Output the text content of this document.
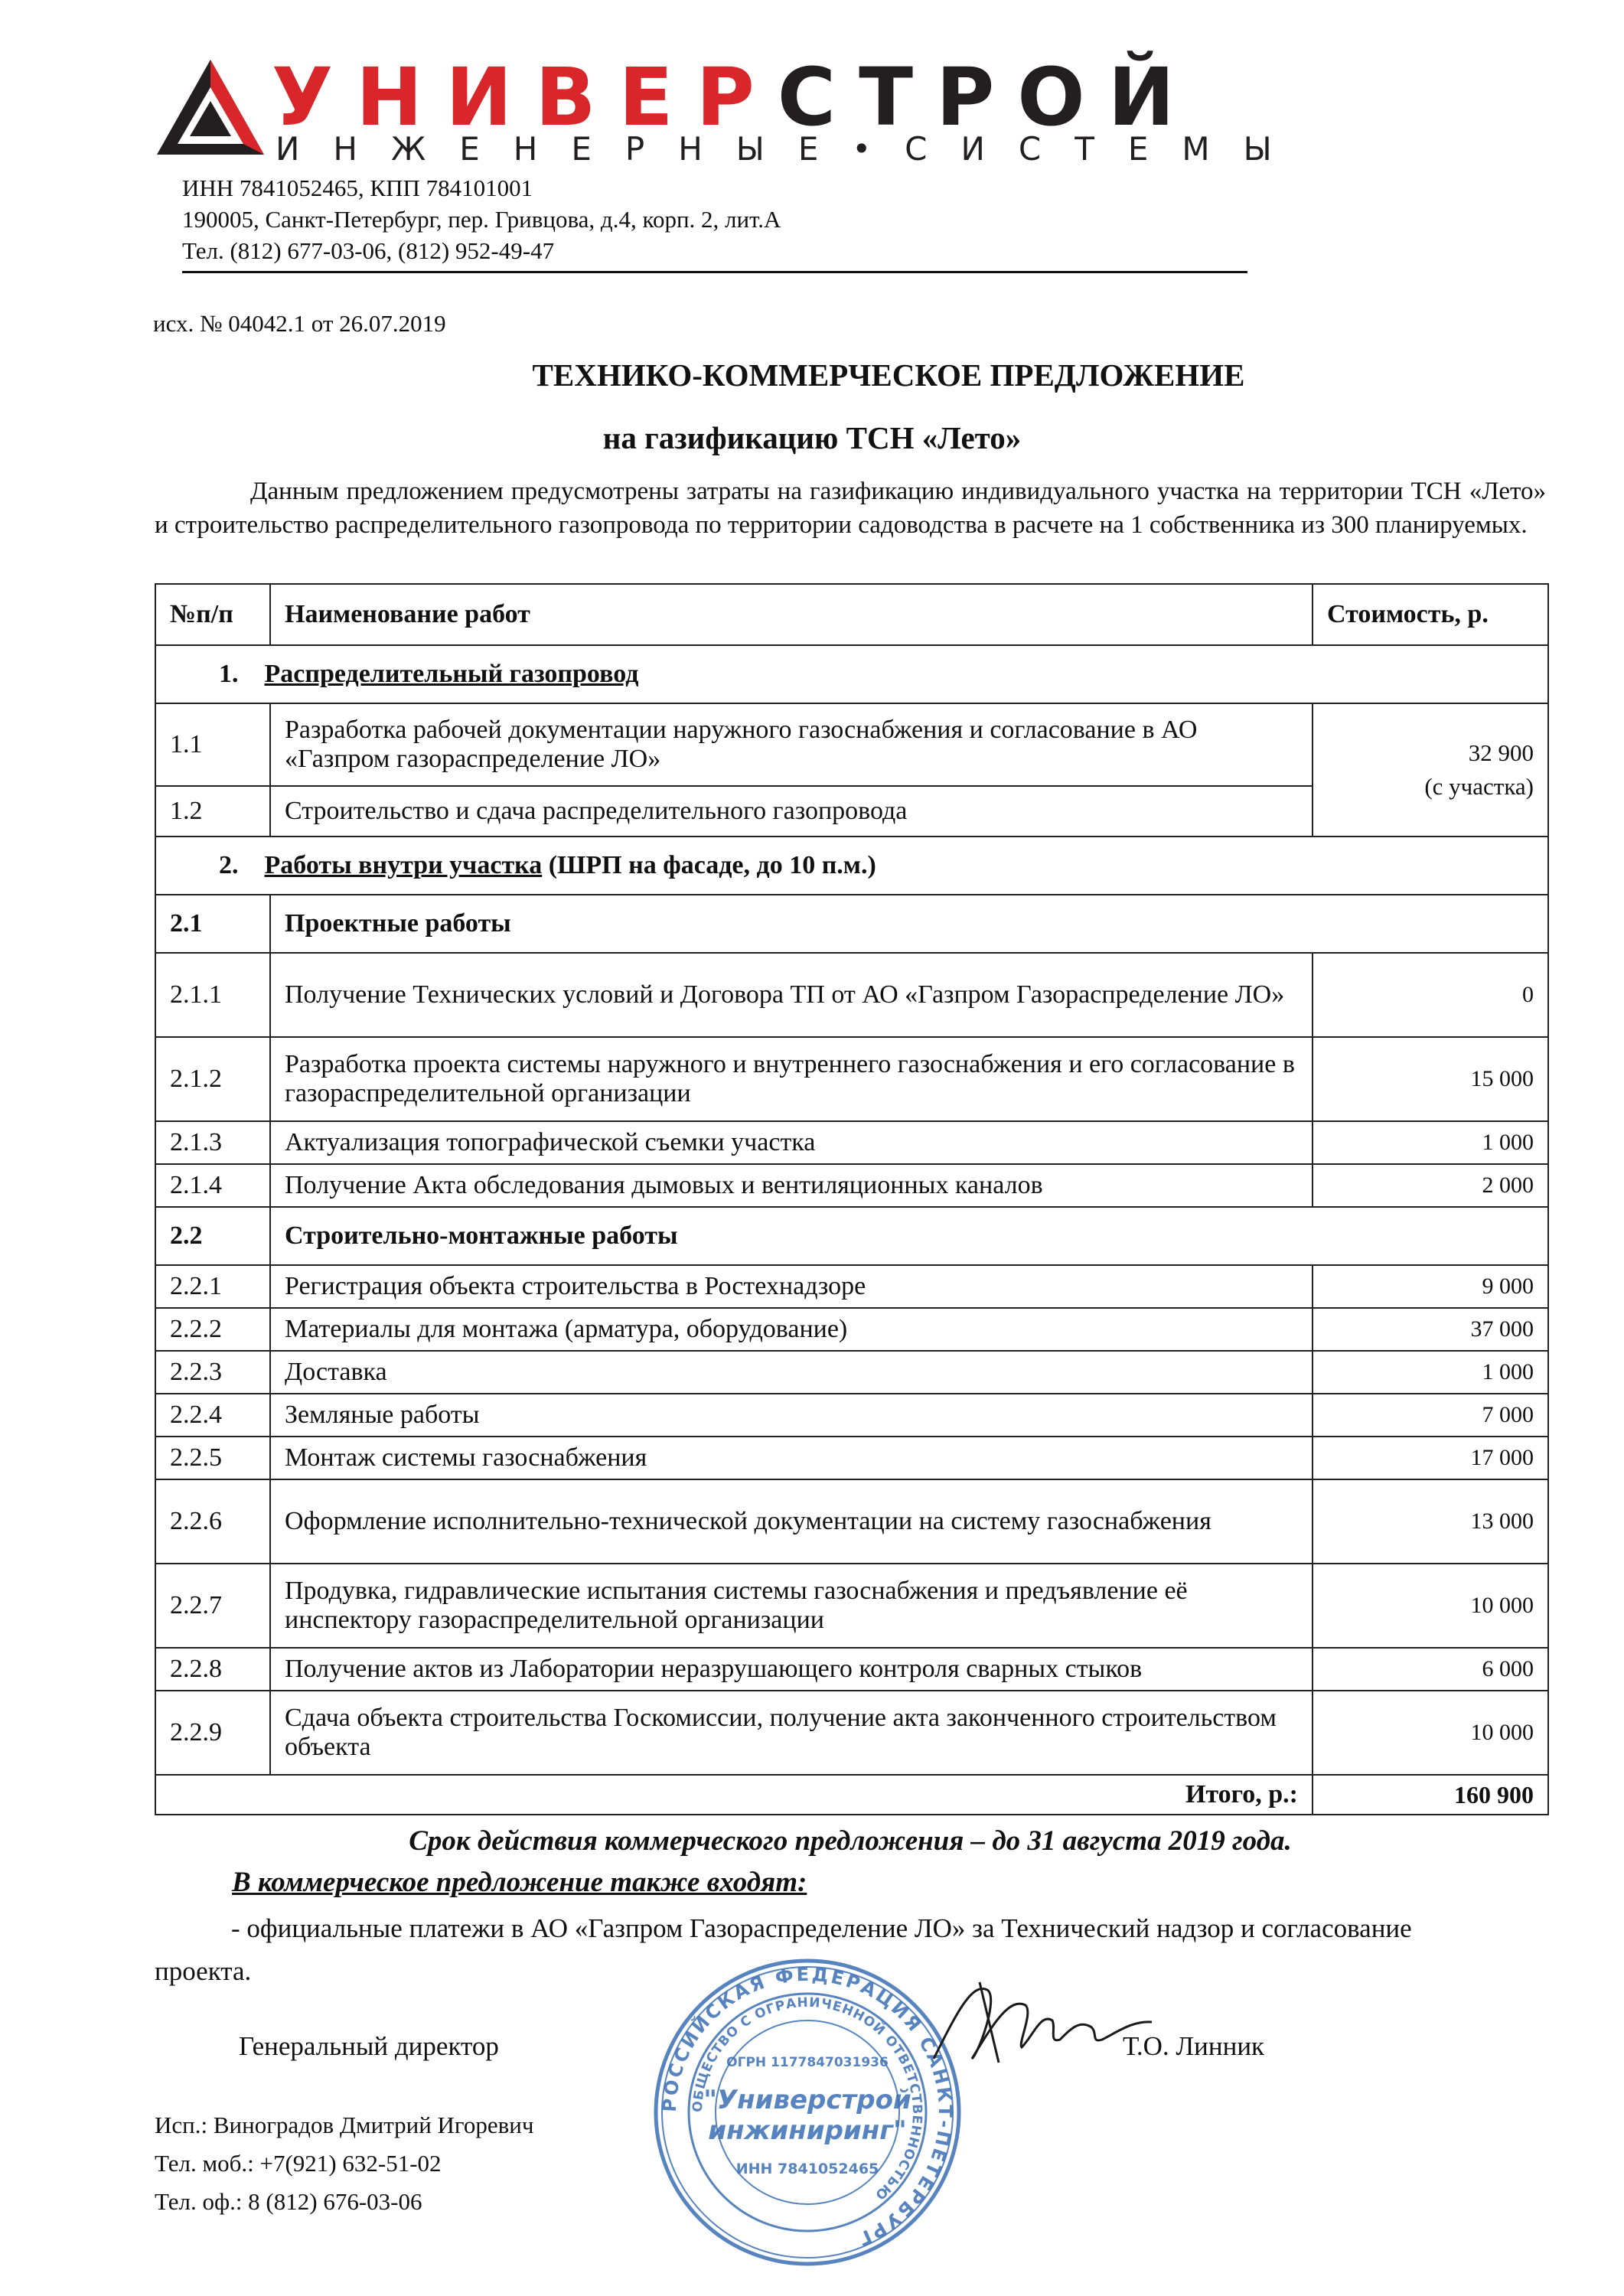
УНИВЕРСТРОЙ
ИНЖЕНЕРНЫЕ•СИСТЕМЫ
ИНН 7841052465, КПП 784101001
190005, Санкт-Петербург, пер. Гривцова, д.4, корп. 2, лит.А
Тел. (812) 677-03-06, (812) 952-49-47
исх. № 04042.1 от 26.07.2019
ТЕХНИКО-КОММЕРЧЕСКОЕ ПРЕДЛОЖЕНИЕ
на газификацию ТСН «Лето»
Данным предложением предусмотрены затраты на газификацию индивидуального участка на территории ТСН «Лето» и строительство распределительного газопровода по территории садоводства в расчете на 1 собственника из 300 планируемых.
№п/п	Наименование работ	Стоимость, р.
1. Распределительный газопровод		
1.1	Разработка рабочей документации наружного газоснабжения и согласование в АО «Газпром газораспределение ЛО»	32 900
(с участка)

1.2	Строительство и сдача распределительного газопровода	
2. Работы внутри участка (ШРП на фасаде, до 10 п.м.)		
2.1	Проектные работы	
2.1.1	Получение Технических условий и Договора ТП от АО «Газпром Газораспределение ЛО»	0
2.1.2	Разработка проекта системы наружного и внутреннего газоснабжения и его согласование в газораспределительной организации	15 000
2.1.3	Актуализация топографической съемки участка	1 000
2.1.4	Получение Акта обследования дымовых и вентиляционных каналов	2 000
2.2	Строительно-монтажные работы	
2.2.1	Регистрация объекта строительства в Ростехнадзоре	9 000
2.2.2	Материалы для монтажа (арматура, оборудование)	37 000
2.2.3	Доставка	1 000
2.2.4	Земляные работы	7 000
2.2.5	Монтаж системы газоснабжения	17 000
2.2.6	Оформление исполнительно-технической документации на систему газоснабжения	13 000
2.2.7	Продувка, гидравлические испытания системы газоснабжения и предъявление её инспектору газораспределительной организации	10 000
2.2.8	Получение актов из Лаборатории неразрушающего контроля сварных стыков	6 000
2.2.9	Сдача объекта строительства Госкомиссии, получение акта законченного строительством объекта	10 000
Итого, р.:		160 900
Срок действия коммерческого предложения – до 31 августа 2019 года.
В коммерческое предложение также входят:
- официальные платежи в АО «Газпром Газораспределение ЛО» за Технический надзор и согласование проекта.
РОССИЙСКАЯ ФЕДЕРАЦИЯ САНКТ-ПЕТЕРБУРГ
ОБЩЕСТВО С ОГРАНИЧЕННОЙ ОТВЕТСТВЕННОСТЬЮ
ОГРН 1177847031936
"Универстрой
инжиниринг"
ИНН 7841052465
Генеральный директор	Т.О. Линник
Исп.: Виноградов Дмитрий Игоревич
Тел. моб.: +7(921) 632-51-02
Тел. оф.: 8 (812) 676-03-06
